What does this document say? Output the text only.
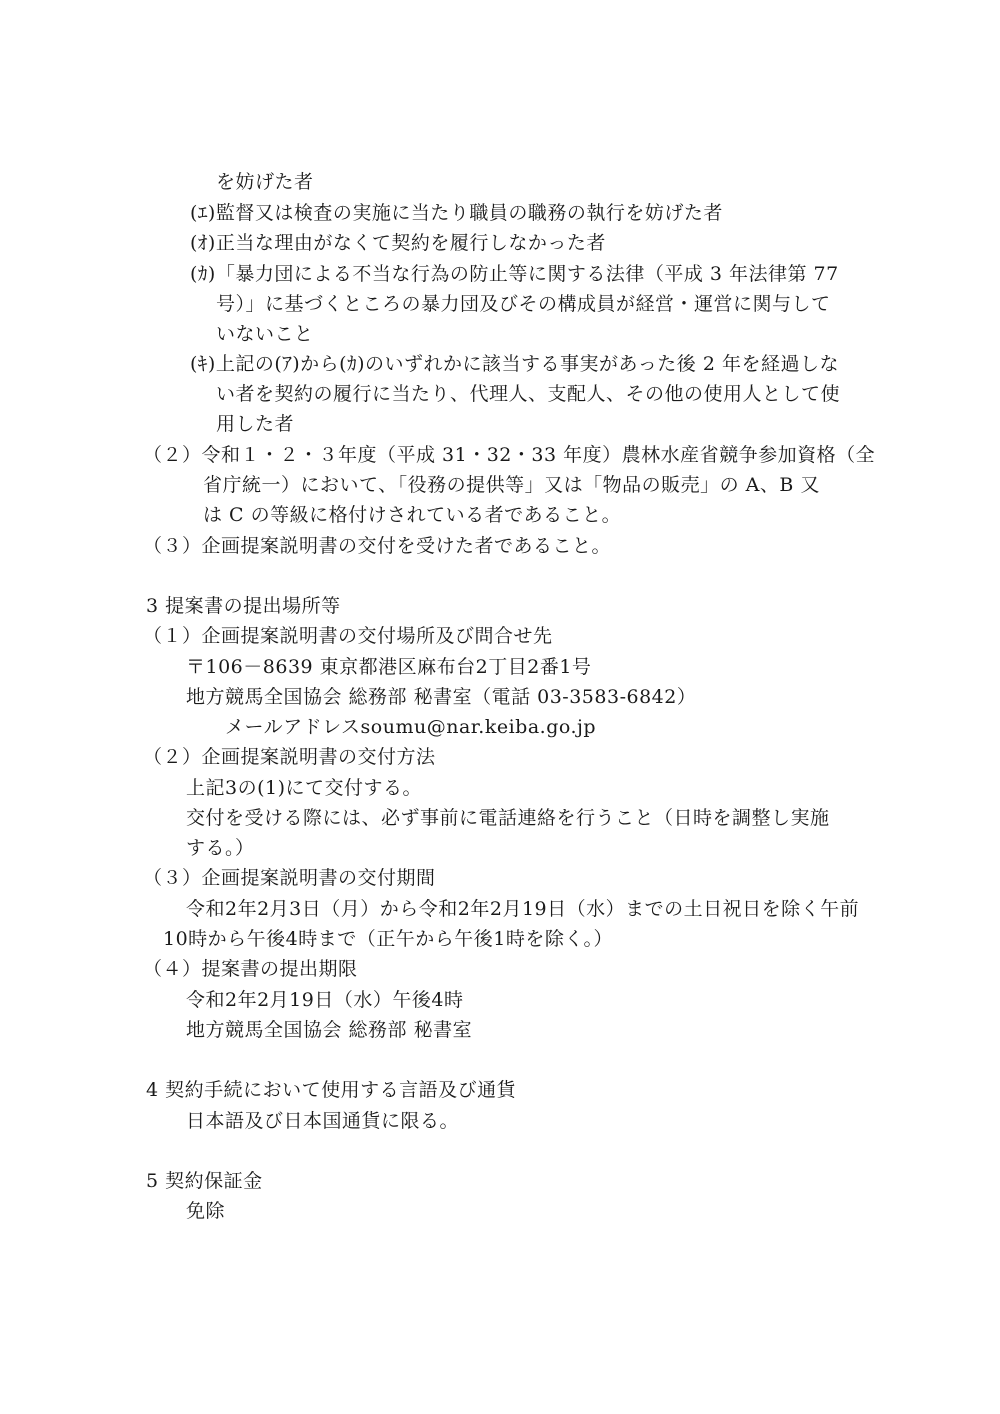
を妨げた者
(ｴ)監督又は検査の実施に当たり職員の職務の執行を妨げた者
(ｵ)正当な理由がなくて契約を履行しなかった者
(ｶ)「暴力団による不当な行為の防止等に関する法律（平成 3 年法律第 77
号）」に基づくところの暴力団及びその構成員が経営・運営に関与して
いないこと
(ｷ)上記の(ｱ)から(ｶ)のいずれかに該当する事実があった後 2 年を経過しな
い者を契約の履行に当たり、代理人、支配人、その他の使用人として使
用した者
（２）令和１・２・３年度（平成 31・32・33 年度）農林水産省競争参加資格（全
省庁統一）において、「役務の提供等」又は「物品の販売」の A、B 又
は C の等級に格付けされている者であること。
（３）企画提案説明書の交付を受けた者であること。
3 提案書の提出場所等
（１）企画提案説明書の交付場所及び問合せ先
〒106－8639 東京都港区麻布台2丁目2番1号
地方競馬全国協会 総務部 秘書室（電話 03-3583-6842）
メールアドレスsoumu@nar.keiba.go.jp
（２）企画提案説明書の交付方法
上記3の(1)にて交付する。
交付を受ける際には、必ず事前に電話連絡を行うこと（日時を調整し実施
する。）
（３）企画提案説明書の交付期間
令和2年2月3日（月）から令和2年2月19日（水）までの土日祝日を除く午前
10時から午後4時まで（正午から午後1時を除く。）
（４）提案書の提出期限
令和2年2月19日（水）午後4時
地方競馬全国協会 総務部 秘書室
4 契約手続において使用する言語及び通貨
日本語及び日本国通貨に限る。
5 契約保証金
免除
